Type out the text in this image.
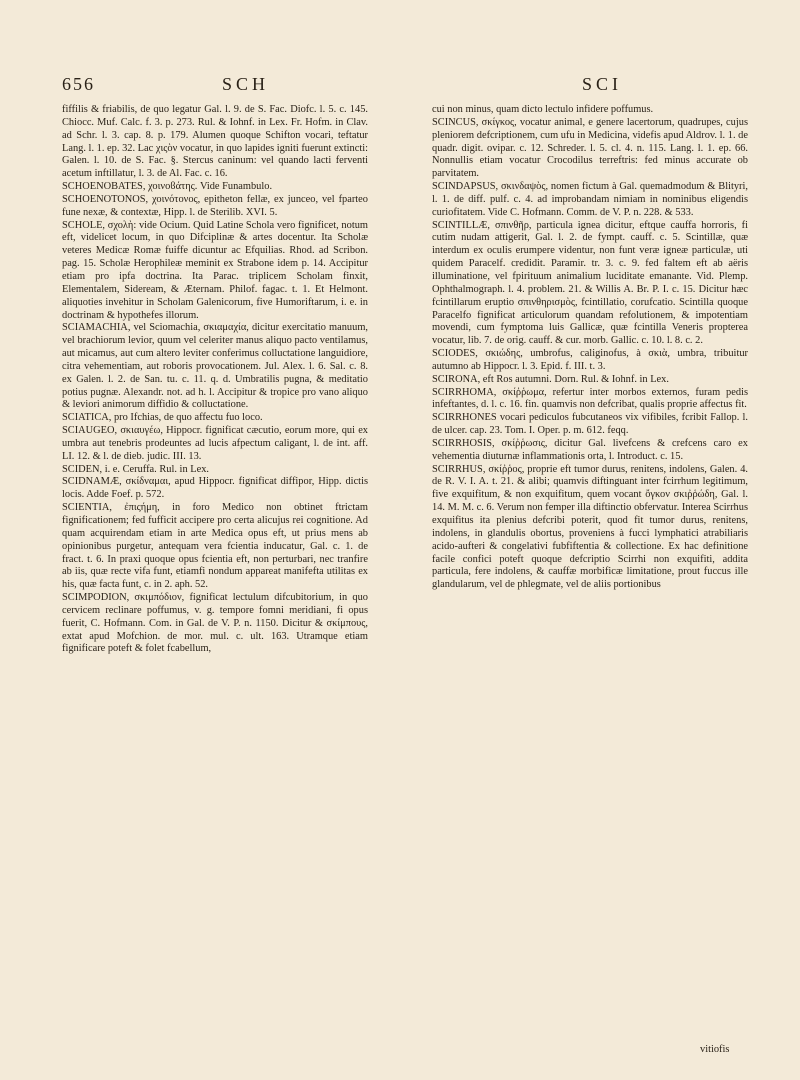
656	SCH	SCI

fiffilis & friabilis, de quo legatur Gal. l. 9. de S. Fac. Diofc. l. 5. c. 145. Chiocc. Muf. Calc. f. 3. p. 273. Rul. & Iohnf. in Lex. Fr. Hofm. in Clav. ad Schr. l. 3. cap. 8. p. 179. Alumen quoque Schifton vocari, teftatur Lang. l. 1. ep. 32. Lac χιςὸν vocatur, in quo lapides igniti fuerunt extincti: Galen. l. 10. de S. Fac. §. Stercus caninum: vel quando lacti ferventi acetum inftillatur, l. 3. de Al. Fac. c. 16.

SCHOENOBATES, χοινοϐάτης. Vide Funambulo.

SCHOENOTONOS, χοινότονος, epitheton fellæ, ex junceo, vel fparteo fune nexæ, & contextæ, Hipp. l. de Sterilib. XVI. 5.

SCHOLE, σχολὴ: vide Ocium. Quid Latine Schola vero fignificet, notum eft, videlicet locum, in quo Difciplinæ & artes docentur. Ita Scholæ veteres Medicæ Romæ fuiffe dicuntur ac Efquilias. Rhod. ad Scribon. pag. 15. Scholæ Herophileæ meminit ex Strabone idem p. 14. Accipitur etiam pro ipfa doctrina. Ita Parac. triplicem Scholam finxit, Elementalem, Sideream, & Æternam. Philof. fagac. t. 1. Et Helmont. aliquoties invehitur in Scholam Galenicorum, five Humoriftarum, i. e. in doctrinam & hypothefes illorum.

SCIAMACHIA, vel Sciomachia, σκιαμαχία, dicitur exercitatio manuum, vel brachiorum levior, quum vel celeriter manus aliquo pacto ventilamus, aut micamus, aut cum altero leviter conferimus colluctatione languidiore, citra vehementiam, aut roboris provocationem. Jul. Alex. l. 6. Sal. c. 8. ex Galen. l. 2. de San. tu. c. 11. q. d. Umbratilis pugna, & meditatio potius pugnæ. Alexandr. not. ad h. l. Accipitur & tropice pro vano aliquo & leviori animorum diffidio & colluctatione.

SCIATICA, pro Ifchias, de quo affectu fuo loco.

SCIAUGEO, σκιαυγέω, Hippocr. fignificat cæcutio, eorum more, qui ex umbra aut tenebris prodeuntes ad lucis afpectum caligant, l. de int. aff. LI. 12. & l. de dieb. judic. III. 13.

SCIDEN, i. e. Ceruffa. Rul. in Lex.

SCIDNAMÆ, σκίδναμαι, apud Hippocr. fignificat diffipor, Hipp. dictis locis. Adde Foef. p. 572.

SCIENTIA, ἐπιςήμη, in foro Medico non obtinet ftrictam fignificationem; fed fufficit accipere pro certa alicujus rei cognitione. Ad quam acquirendam etiam in arte Medica opus eft, ut prius mens ab opinionibus purgetur, antequam vera fcientia inducatur, Gal. c. 1. de fract. t. 6. In praxi quoque opus fcientia eft, non perturbari, nec tranfire ab iis, quæ recte vifa funt, etiamfi nondum appareat manifefta utilitas ex his, quæ facta funt, c. in 2. aph. 52.

SCIMPODION, σκιμπόδιον, fignificat lectulum difcubitorium, in quo cervicem reclinare poffumus, v. g. tempore fomni meridiani, fi opus fuerit, C. Hofmann. Com. in Gal. de V. P. n. 1150. Dicitur & σκίμπους, extat apud Mofchion. de mor. mul. c. ult. 163. Utramque etiam fignificare poteft & folet fcabellum,

cui non minus, quam dicto lectulo infidere poffumus.

SCINCUS, σκίγκος, vocatur animal, e genere lacertorum, quadrupes, cujus pleniorem defcriptionem, cum ufu in Medicina, videfis apud Aldrov. l. 1. de quadr. digit. ovipar. c. 12. Schreder. l. 5. cl. 4. n. 115. Lang. l. 1. ep. 66. Nonnullis etiam vocatur Crocodilus terreftris: fed minus accurate ob parvitatem.

SCINDAPSUS, σκινδαψὸς, nomen fictum à Gal. quemadmodum & Blityri, l. 1. de diff. pulf. c. 4. ad improbandam nimiam in nominibus eligendis curiofitatem. Vide C. Hofmann. Comm. de V. P. n. 228. & 533.

SCINTILLÆ, σπινθῆρ, particula ignea dicitur, eftque cauffa horroris, fi cutim nudam attigerit, Gal. l. 2. de fympt. cauff. c. 5. Scintillæ, quæ interdum ex oculis erumpere videntur, non funt veræ igneæ particulæ, uti quidem Paracelf. credidit. Paramir. tr. 3. c. 9. fed faltem eft ab aëris illuminatione, vel fpirituum animalium luciditate emanante. Vid. Plemp. Ophthalmograph. l. 4. problem. 21. & Willis A. Br. P. I. c. 15. Dicitur hæc fcintillarum eruptio σπινθηρισμὸς, fcintillatio, corufcatio. Scintilla quoque Paracelfo fignificat articulorum quandam refolutionem, & impotentiam movendi, cum fymptoma luis Gallicæ, quæ fcintilla Veneris propterea vocatur, lib. 7. de orig. cauff. & cur. morb. Gallic. c. 10. l. 8. c. 2.

SCIODES, σκιώδης, umbrofus, caliginofus, à σκιὰ, umbra, tribuitur autumno ab Hippocr. l. 3. Epid. f. III. t. 3.

SCIRONA, eft Ros autumni. Dorn. Rul. & Iohnf. in Lex.

SCIRRHOMA, σκίῤῥωμα, refertur inter morbos externos, furam pedis infeftantes, d. l. c. 16. fin. quamvis non defcribat, qualis proprie affectus fit.

SCIRRHONES vocari pediculos fubcutaneos vix vifibiles, fcribit Fallop. l. de ulcer. cap. 23. Tom. I. Oper. p. m. 612. feqq.

SCIRRHOSIS, σκίῤῥωσις, dicitur Gal. livefcens & crefcens caro ex vehementia diuturnæ inflammationis orta, l. Introduct. c. 15.

SCIRRHUS, σκίῤῥος, proprie eft tumor durus, renitens, indolens, Galen. 4. de R. V. I. A. t. 21. & alibi; quamvis diftinguant inter fcirrhum legitimum, five exquifitum, & non exquifitum, quem vocant ὄγκον σκιῤῥώδη, Gal. l. 14. M. M. c. 6. Verum non femper illa diftinctio obfervatur. Interea Scirrhus exquifitus ita plenius defcribi poterit, quod fit tumor durus, renitens, indolens, in glandulis obortus, proveniens à fucci lymphatici atrabiliaris acido-aufteri & congelativi fubfiftentia & collectione. Ex hac definitione facile confici poteft quoque defcriptio Scirrhi non exquifiti, addita particula, fere indolens, & cauffæ morbificæ limitatione, prout fuccus ille glandularum, vel de phlegmate, vel de aliis portionibus

vitiofis
